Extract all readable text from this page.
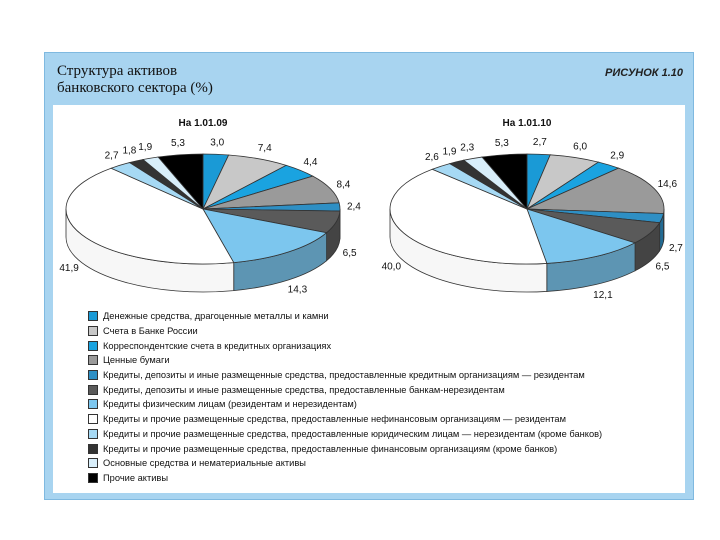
Структура активов
банковского сектора (%)
РИСУНОК 1.10
3,0
7,4
4,4
8,4
2,4
6,5
14,3
41,9
2,7 1,8 1,9 5,3
На 1.01.09
2,7	6,0
2,9
14,6
2,7
6,5
12,1
40,0
2,6 1,9 2,3 5,3
На 1.01.10
Денежные средства, драгоценные металлы и камни
Счета в Банке России
Корреспондентские счета в кредитных организациях
Ценные бумаги
Кредиты, депозиты и иные размещенные средства, предоставленные кредитным организациям — резидентам
Кредиты, депозиты и иные размещенные средства, предоставленные банкам-нерезидентам
Кредиты физическим лицам (резидентам и нерезидентам)
Кредиты и прочие размещенные средства, предоставленные нефинансовым организациям — резидентам
Кредиты и прочие размещенные средства, предоставленные юридическим лицам — нерезидентам (кроме банков)
Кредиты и прочие размещенные средства, предоставленные финансовым организациям (кроме банков)
Основные средства и нематериальные активы
Прочие активы
